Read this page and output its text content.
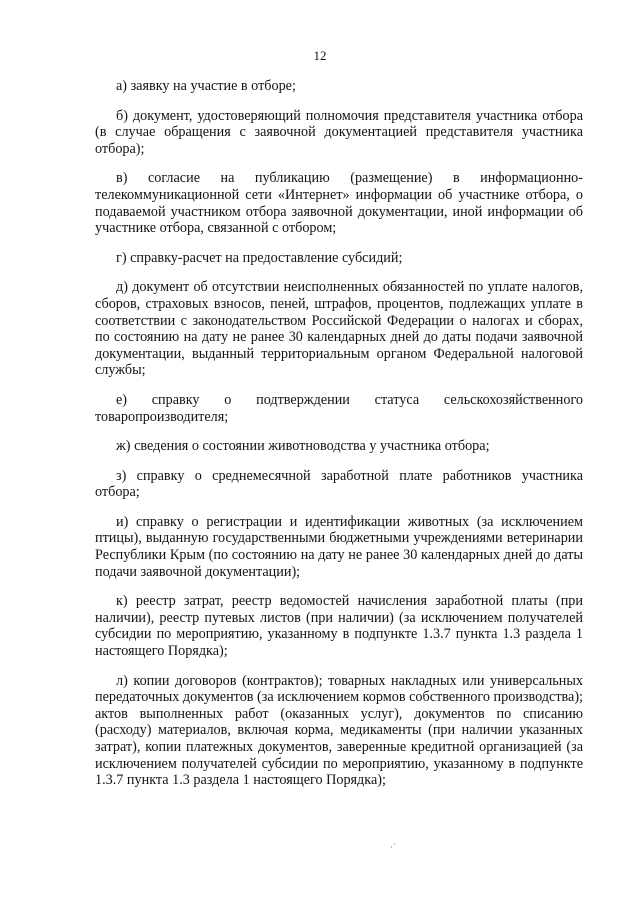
12

а) заявку на участие в отборе;

б) документ, удостоверяющий полномочия представителя участника отбора (в случае обращения с заявочной документацией представителя участника отбора);

в) согласие на публикацию (размещение) в информационно-телекоммуникационной сети «Интернет» информации об участнике отбора, о подаваемой участником отбора заявочной документации, иной информации об участнике отбора, связанной с отбором;

г) справку-расчет на предоставление субсидий;

д) документ об отсутствии неисполненных обязанностей по уплате налогов, сборов, страховых взносов, пеней, штрафов, процентов, подлежащих уплате в соответствии с законодательством Российской Федерации о налогах и сборах, по состоянию на дату не ранее 30 календарных дней до даты подачи заявочной документации, выданный территориальным органом Федеральной налоговой службы;

е) справку о подтверждении статуса сельскохозяйственного товаропроизводителя;

ж) сведения о состоянии животноводства у участника отбора;

з) справку о среднемесячной заработной плате работников участника отбора;

и) справку о регистрации и идентификации животных (за исключением птицы), выданную государственными бюджетными учреждениями ветеринарии Республики Крым (по состоянию на дату не ранее 30 календарных дней до даты подачи заявочной документации);

к) реестр затрат, реестр ведомостей начисления заработной платы (при наличии), реестр путевых листов (при наличии) (за исключением получателей субсидии по мероприятию, указанному в подпункте 1.3.7 пункта 1.3 раздела 1 настоящего Порядка);

л) копии договоров (контрактов); товарных накладных или универсальных передаточных документов (за исключением кормов собственного производства); актов выполненных работ (оказанных услуг), документов по списанию (расходу) материалов, включая корма, медикаменты (при наличии указанных затрат), копии платежных документов, заверенные кредитной организацией (за исключением получателей субсидии по мероприятию, указанному в подпункте 1.3.7 пункта 1.3 раздела 1 настоящего Порядка);

·´
